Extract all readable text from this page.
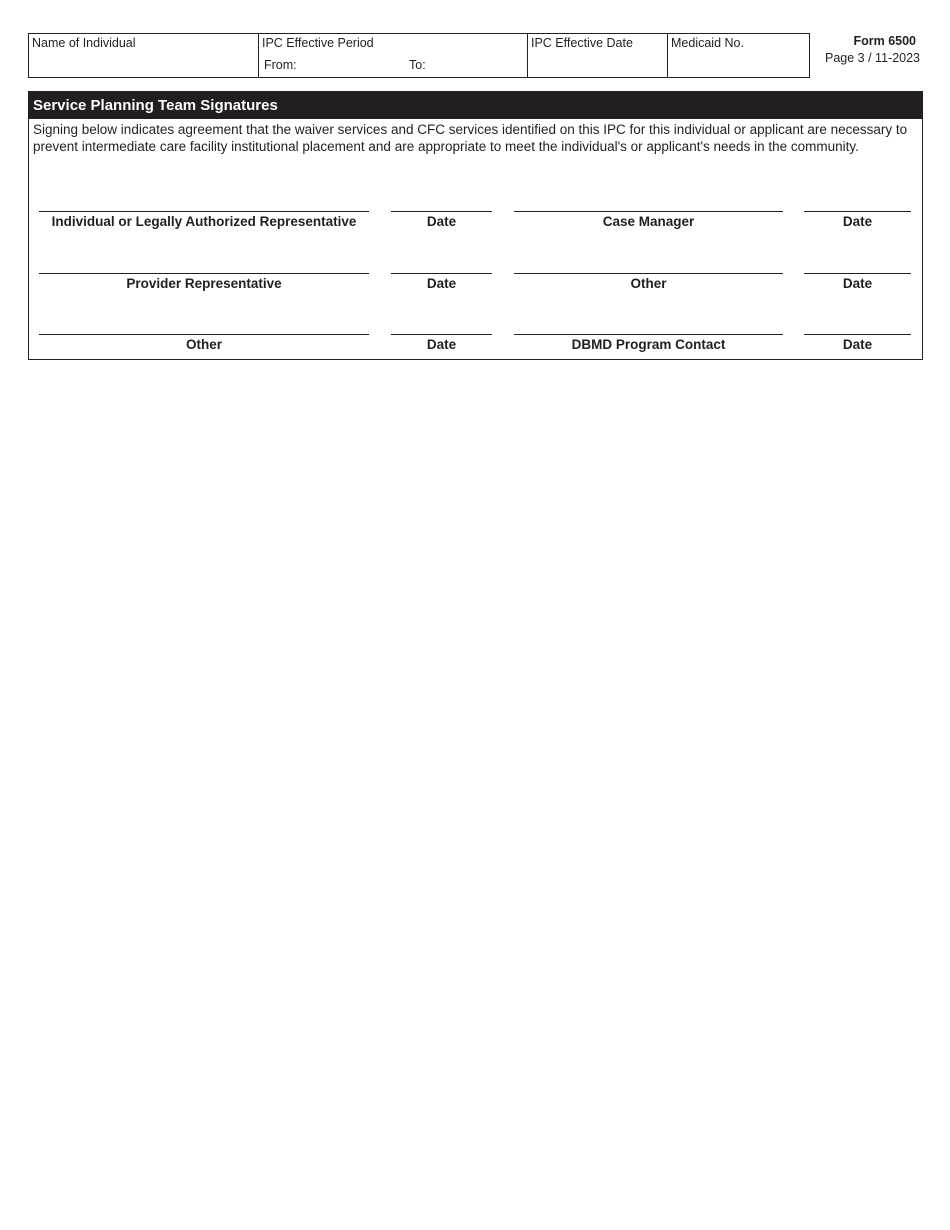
Name of Individual	IPC Effective Period
From:	To:
IPC Effective Date	Medicaid No.	Form 6500
Page 3 / 11-2023
Service Planning Team Signatures
Signing below indicates agreement that the waiver services and CFC services identified on this IPC for this individual or applicant are necessary to prevent intermediate care facility institutional placement and are appropriate to meet the individual's or applicant's needs in the community.
Individual or Legally Authorized Representative	Date	Case Manager	Date
Provider Representative	Date	Other	Date
Other	Date	DBMD Program Contact	Date
